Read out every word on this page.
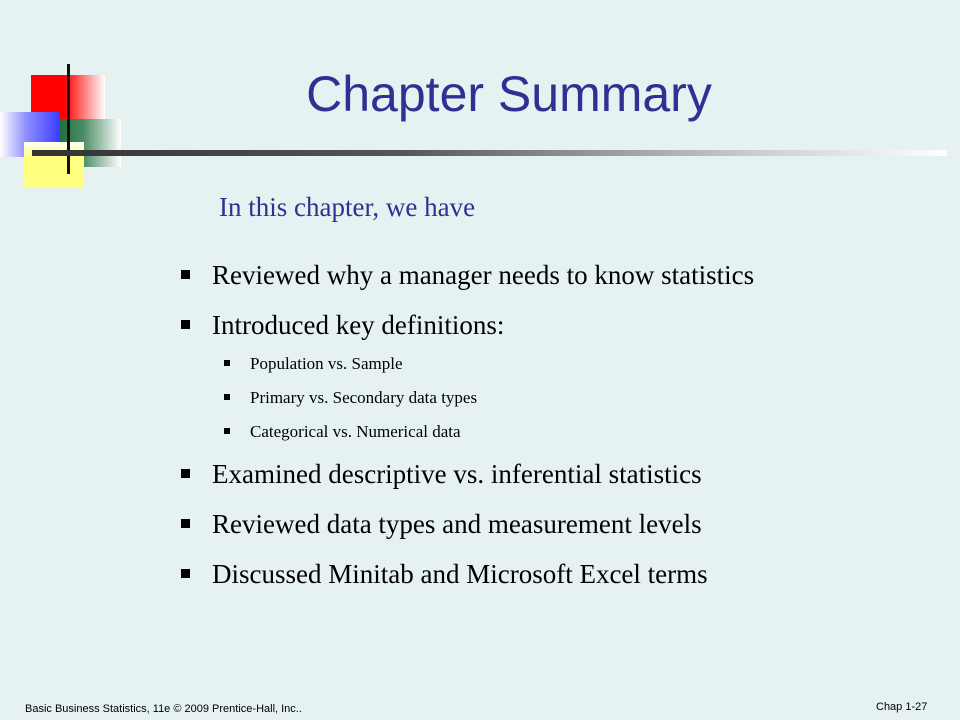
Chapter Summary
In this chapter, we have
Reviewed why a manager needs to know statistics
Introduced key definitions:
Population vs. Sample
Primary vs. Secondary data types
Categorical vs. Numerical data
Examined descriptive vs. inferential statistics
Reviewed data types and measurement levels
Discussed Minitab and Microsoft Excel terms
Basic Business Statistics, 11e © 2009 Prentice-Hall, Inc..	Chap 1-27
